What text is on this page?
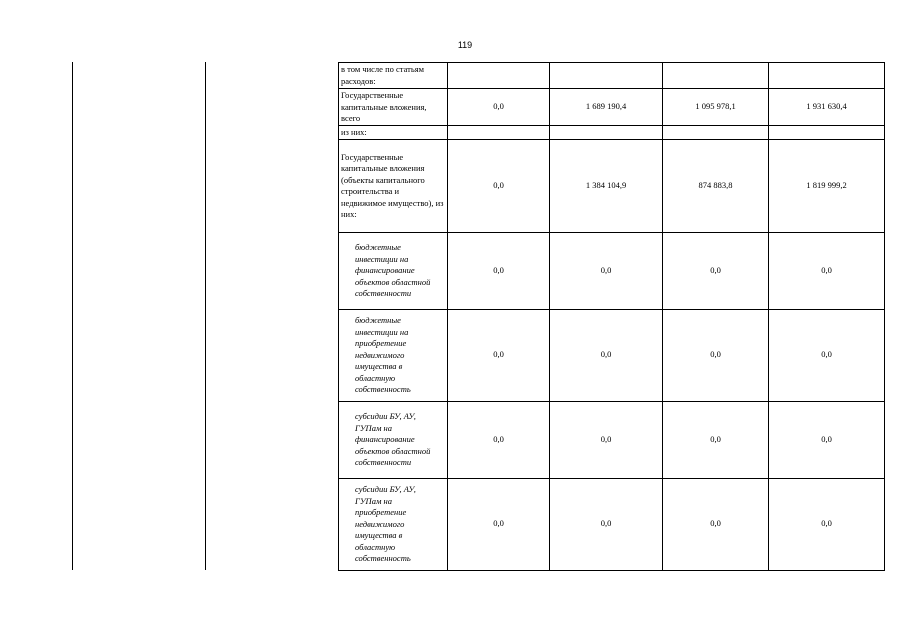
119
в том числе по статьям расходов:				
Государственные капитальные вложения, всего	0,0	1 689 190,4	1 095 978,1	1 931 630,4
из них:				
Государственные капитальные вложения (объекты капитального строительства и недвижимое имущество), из них:	0,0	1 384 104,9	874 883,8	1 819 999,2
бюджетные инвестиции на финансирование объектов областной собственности	0,0	0,0	0,0	0,0
бюджетные инвестиции на приобретение недвижимого имущества в областную собственность	0,0	0,0	0,0	0,0
субсидии БУ, АУ, ГУПам на финансирование объектов областной собственности	0,0	0,0	0,0	0,0
субсидии БУ, АУ, ГУПам на приобретение недвижимого имущества в областную собственность	0,0	0,0	0,0	0,0
